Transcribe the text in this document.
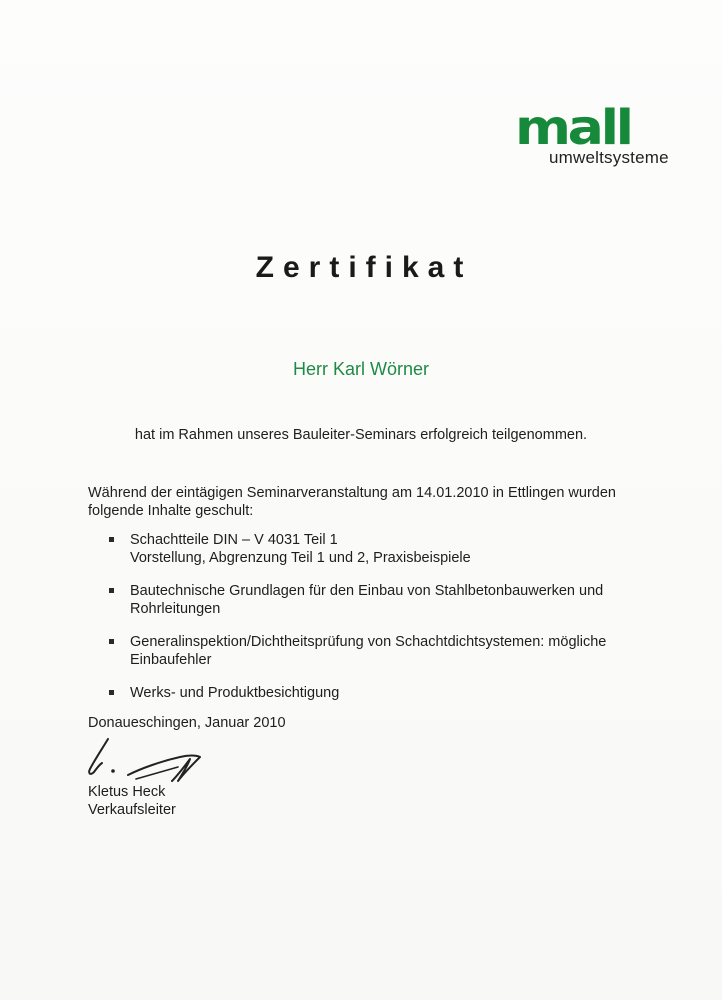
mall
umweltsysteme
Zertifikat
Herr Karl Wörner
hat im Rahmen unseres Bauleiter-Seminars erfolgreich teilgenommen.
Während der eintägigen Seminarveranstaltung am 14.01.2010 in Ettlingen wurden folgende Inhalte geschult:
Schachtteile DIN – V 4031 Teil 1
Vorstellung, Abgrenzung Teil 1 und 2, Praxisbeispiele
Bautechnische Grundlagen für den Einbau von Stahlbetonbauwerken und
Rohrleitungen
Generalinspektion/Dichtheitsprüfung von Schachtdichtsystemen: mögliche
Einbaufehler
Werks- und Produktbesichtigung
Donaueschingen, Januar 2010
Kletus Heck
Verkaufsleiter
